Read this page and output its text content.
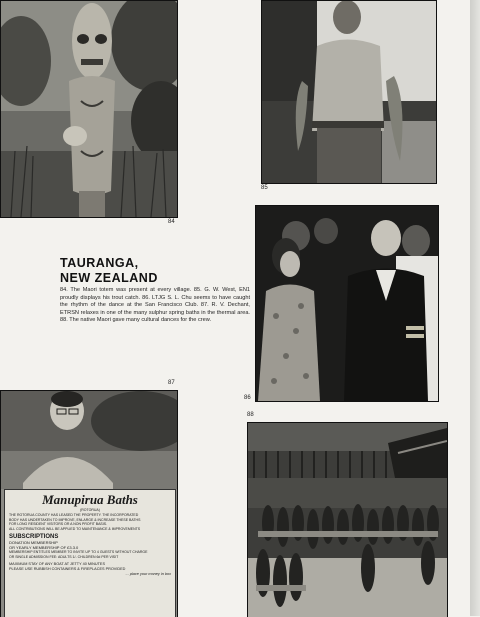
84
85
TAURANGA,
NEW ZEALAND
84. The Maori totem was present at every village. 85. G. W. West, EN1 proudly displays his trout catch. 86. LTJG S. L. Chu seems to have caught the rhythm of the dance at the San Francisco Club. 87. R. V. Dechant, ETRSN relaxes in one of the many sulphur spring baths in the thermal area. 88. The native Maori gave many cultural dances for the crew.
86
Manupirua Baths
(ROTORUA)
THE ROTORUA COUNTY HAS LEASED THE PROPERTY. THE INCORPORATED
BODY HAS UNDERTAKEN TO IMPROVE, ENLARGE & INCREASE THESE BATHS
FOR LONG RESIDENT VISITORS OR A NON PROFIT BASIS.
ALL CONTRIBUTIONS WILL BE APPLIED TO MAINTENANCE & IMPROVEMENTS
SUBSCRIPTIONS
DONATION MEMBERSHIP
OR YEARLY MEMBERSHIP OF £3.3.0
MEMBERSHIP ENTITLES MEMBER TO INVITE UP TO 4 GUESTS WITHOUT CHARGE
OR SINGLE ADMISSION FEE: ADULTS 1/- CHILDREN 6d PER VISIT
MAXIMUM STAY OF ANY BOAT AT JETTY 40 MINUTES
PLEASE USE RUBBISH CONTAINERS & FIREPLACES PROVIDED
... place your money in box
87
88
